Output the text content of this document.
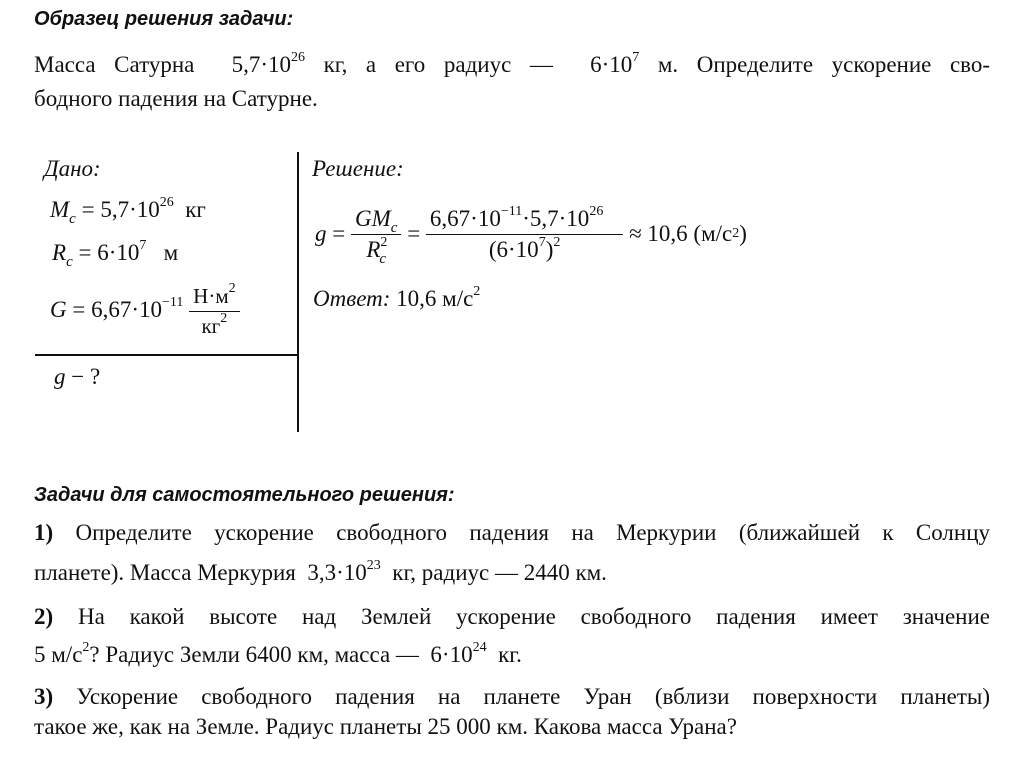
Образец решения задачи:
Масса Сатурна $5,7\cdot 10^{26}$ кг, а его радиус — $6\cdot 10^7$ м. Определите ускорение сво-
бодного падения на Сатурне.
Дано:
$M_c = 5,7\cdot 10^{26}$ кг
$R_c = 6\cdot 10^7$ м
$G = 6,67\cdot 10^{-11} \frac{Н\cdot м^2}{кг^2}$
g − ?
Решение:
g
=
$\frac{GM_c}{R^2_c}$
=
$\frac{6,67\cdot 10^{-11}\cdot 5,7\cdot 10^{26}}{(6\cdot 10^7)^2}$
≈ 10,6 (м/с 2 )
Ответ: 10,6 $м/с^2$
Задачи для самостоятельного решения:
1) Определите ускорение свободного падения на Меркурии (ближайшей к Солнцу
планете). Масса Меркурия $3,3\cdot 10^{23}$ кг, радиус — 2440 км.
2) На какой высоте над Землей ускорение свободного падения имеет значение
5 $м/с^2$? Радиус Земли 6400 км, масса — $6\cdot 10^{24}$ кг.
3) Ускорение свободного падения на планете Уран (вблизи поверхности планеты)
такое же, как на Земле. Радиус планеты 25 000 км. Какова масса Урана?
